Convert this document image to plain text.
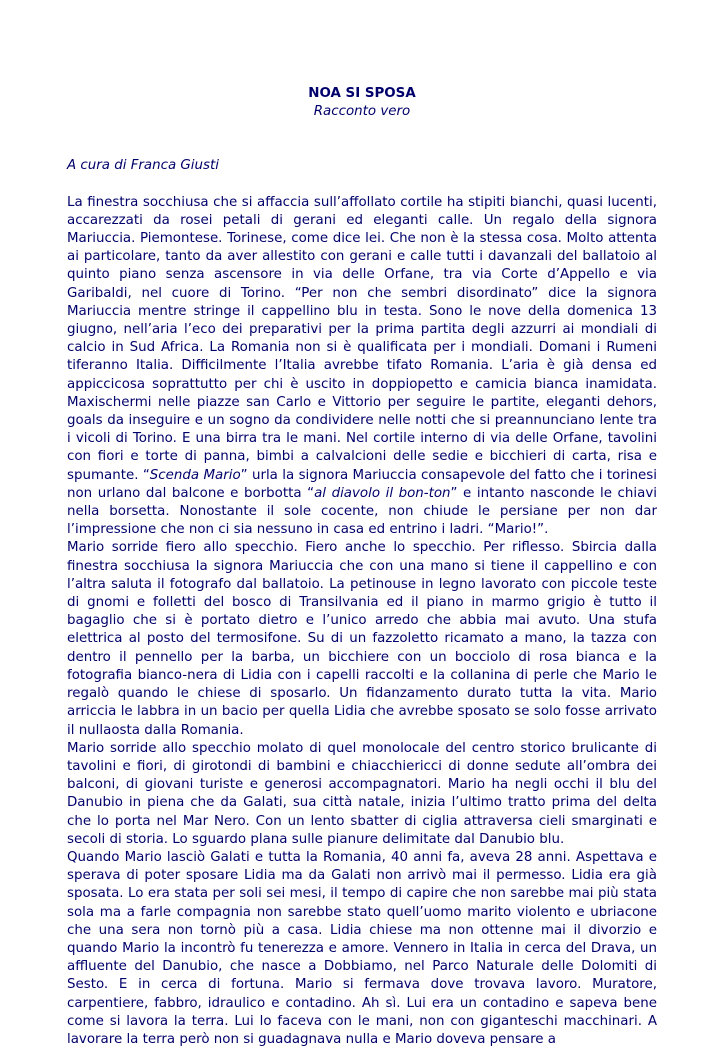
NOA SI SPOSA

Racconto vero

A cura di Franca Giusti

La finestra socchiusa che si affaccia sull’affollato cortile ha stipiti bianchi, quasi lucenti, accarezzati da rosei petali di gerani ed eleganti calle. Un regalo della signora Mariuccia. Piemontese. Torinese, come dice lei. Che non è la stessa cosa. Molto attenta ai particolare, tanto da aver allestito con gerani e calle tutti i davanzali del ballatoio al quinto piano senza ascensore in via delle Orfane, tra via Corte d’Appello e via Garibaldi, nel cuore di Torino. “Per non che sembri disordinato” dice la signora Mariuccia mentre stringe il cappellino blu in testa. Sono le nove della domenica 13 giugno, nell’aria l’eco dei preparativi per la prima partita degli azzurri ai mondiali di calcio in Sud Africa. La Romania non si è qualificata per i mondiali. Domani i Rumeni tiferanno Italia. Difficilmente l’Italia avrebbe tifato Romania. L’aria è già densa ed appiccicosa soprattutto per chi è uscito in doppiopetto e camicia bianca inamidata. Maxischermi nelle piazze san Carlo e Vittorio per seguire le partite, eleganti dehors, goals da inseguire e un sogno da condividere nelle notti che si preannunciano lente tra i vicoli di Torino. E una birra tra le mani. Nel cortile interno di via delle Orfane, tavolini con fiori e torte di panna, bimbi a calvalcioni delle sedie e bicchieri di carta, risa e spumante. “Scenda Mario” urla la signora Mariuccia consapevole del fatto che i torinesi non urlano dal balcone e borbotta “al diavolo il bon-ton” e intanto nasconde le chiavi nella borsetta. Nonostante il sole cocente, non chiude le persiane per non dar l’impressione che non ci sia nessuno in casa ed entrino i ladri. “Mario!”.

Mario sorride fiero allo specchio. Fiero anche lo specchio. Per riflesso. Sbircia dalla finestra socchiusa la signora Mariuccia che con una mano si tiene il cappellino e con l’altra saluta il fotografo dal ballatoio. La petinouse in legno lavorato con piccole teste di gnomi e folletti del bosco di Transilvania ed il piano in marmo grigio è tutto il bagaglio che si è portato dietro e l’unico arredo che abbia mai avuto. Una stufa elettrica al posto del termosifone. Su di un fazzoletto ricamato a mano, la tazza con dentro il pennello per la barba, un bicchiere con un bocciolo di rosa bianca e la fotografia bianco-nera di Lidia con i capelli raccolti e la collanina di perle che Mario le regalò quando le chiese di sposarlo. Un fidanzamento durato tutta la vita. Mario arriccia le labbra in un bacio per quella Lidia che avrebbe sposato se solo fosse arrivato il nullaosta dalla Romania.

Mario sorride allo specchio molato di quel monolocale del centro storico brulicante di tavolini e fiori, di girotondi di bambini e chiacchiericci di donne sedute all’ombra dei balconi, di giovani turiste e generosi accompagnatori. Mario ha negli occhi il blu del Danubio in piena che da Galati, sua città natale, inizia l’ultimo tratto prima del delta che lo porta nel Mar Nero. Con un lento sbatter di ciglia attraversa cieli smarginati e secoli di storia. Lo sguardo plana sulle pianure delimitate dal Danubio blu.

Quando Mario lasciò Galati e tutta la Romania, 40 anni fa, aveva 28 anni. Aspettava e sperava di poter sposare Lidia ma da Galati non arrivò mai il permesso. Lidia era già sposata. Lo era stata per soli sei mesi, il tempo di capire che non sarebbe mai più stata sola ma a farle compagnia non sarebbe stato quell’uomo marito violento e ubriacone che una sera non tornò più a casa. Lidia chiese ma non ottenne mai il divorzio e quando Mario la incontrò fu tenerezza e amore. Vennero in Italia in cerca del Drava, un affluente del Danubio, che nasce a Dobbiamo, nel Parco Naturale delle Dolomiti di Sesto. E in cerca di fortuna. Mario si fermava dove trovava lavoro. Muratore, carpentiere, fabbro, idraulico e contadino. Ah sì. Lui era un contadino e sapeva bene come si lavora la terra. Lui lo faceva con le mani, non con giganteschi macchinari. A lavorare la terra però non si guadagnava nulla e Mario doveva pensare a
